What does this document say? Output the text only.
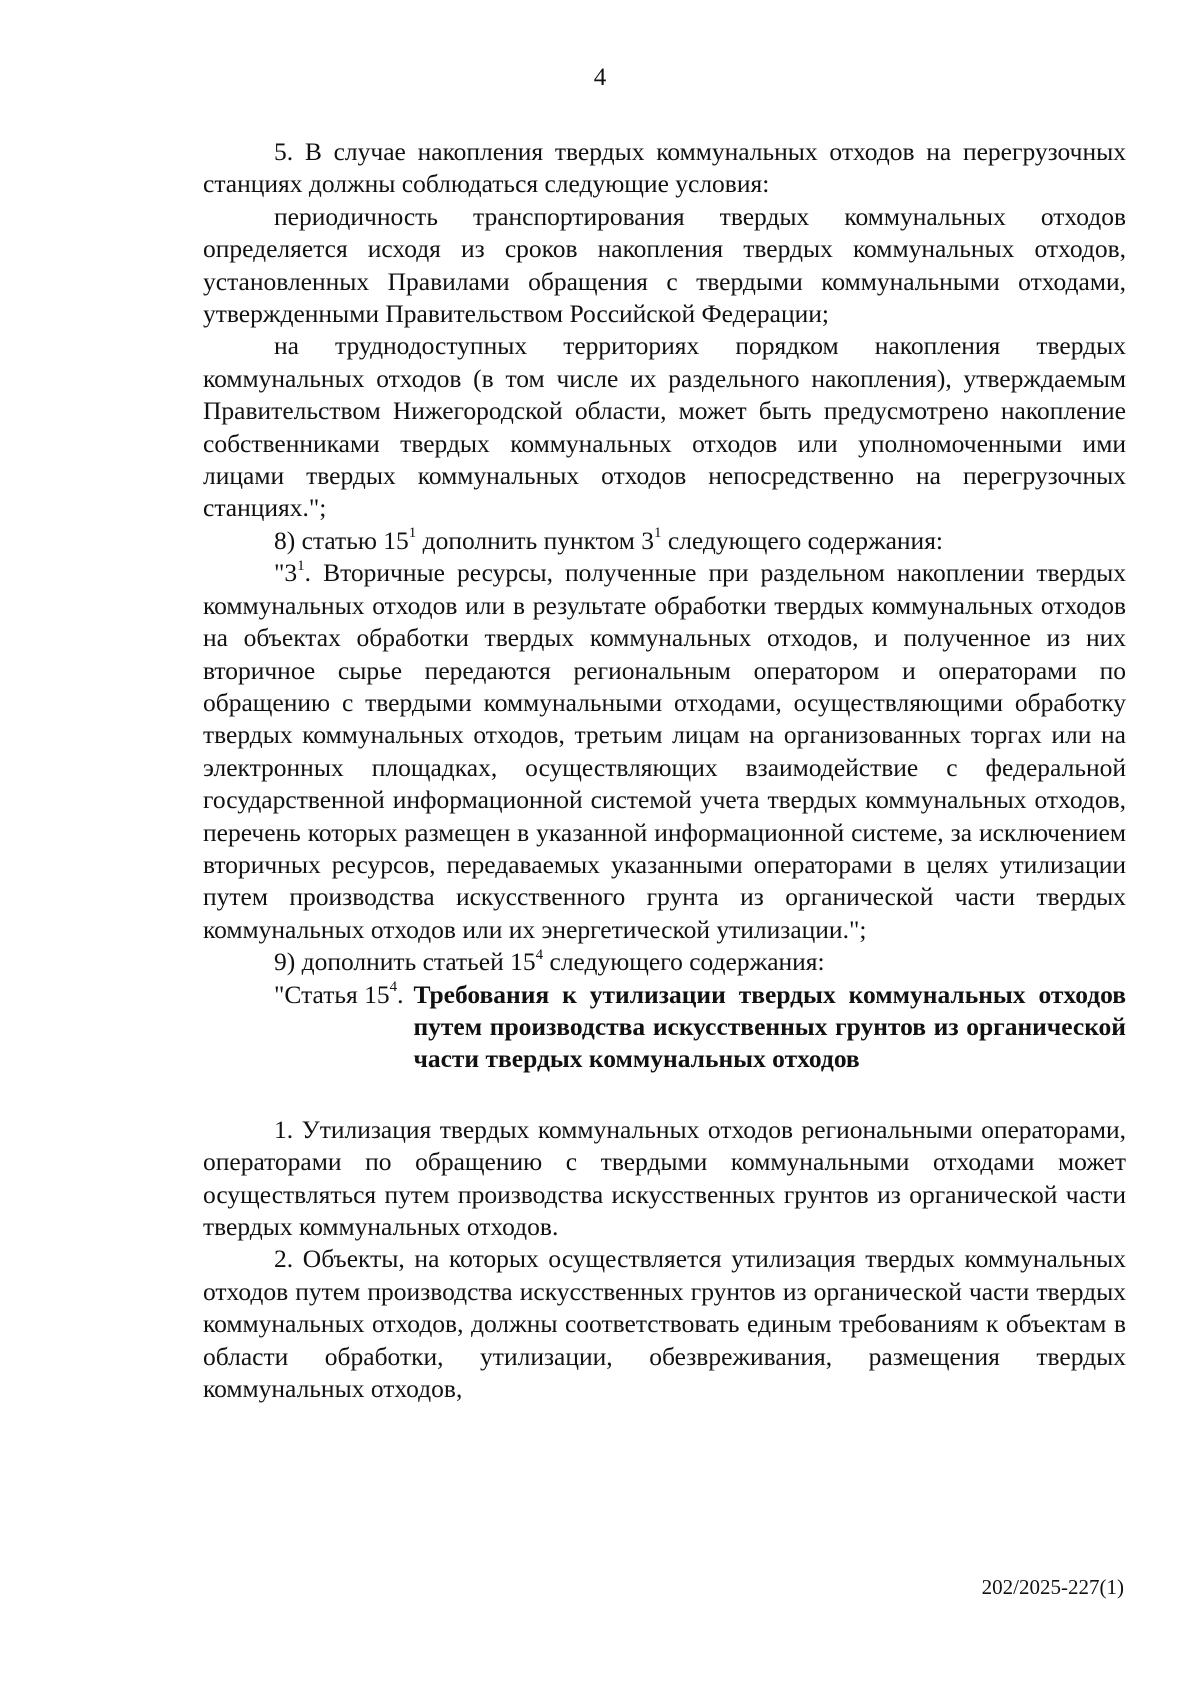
4

5. В случае накопления твердых коммунальных отходов на перегрузочных станциях должны соблюдаться следующие условия:

периодичность транспортирования твердых коммунальных отходов определяется исходя из сроков накопления твердых коммунальных отходов, установленных Правилами обращения с твердыми коммунальными отходами, утвержденными Правительством Российской Федерации;

на труднодоступных территориях порядком накопления твердых коммунальных отходов (в том числе их раздельного накопления), утверждаемым Правительством Нижегородской области, может быть предусмотрено накопление собственниками твердых коммунальных отходов или уполномоченными ими лицами твердых коммунальных отходов непосредственно на перегрузочных станциях.";

8) статью $15^1$ дополнить пунктом $3^1$ следующего содержания:

"$3^1$. Вторичные ресурсы, полученные при раздельном накоплении твердых коммунальных отходов или в результате обработки твердых коммунальных отходов на объектах обработки твердых коммунальных отходов, и полученное из них вторичное сырье передаются региональным оператором и операторами по обращению с твердыми коммунальными отходами, осуществляющими обработку твердых коммунальных отходов, третьим лицам на организованных торгах или на электронных площадках, осуществляющих взаимодействие с федеральной государственной информационной системой учета твердых коммунальных отходов, перечень которых размещен в указанной информационной системе, за исключением вторичных ресурсов, передаваемых указанными операторами в целях утилизации путем производства искусственного грунта из органической части твердых коммунальных отходов или их энергетической утилизации.";

9) дополнить статьей $15^4$ следующего содержания:

"Статья $15^4$. Требования к утилизации твердых коммунальных отходов путем производства искусственных грунтов из органической части твердых коммунальных отходов

1. Утилизация твердых коммунальных отходов региональными операторами, операторами по обращению с твердыми коммунальными отходами может осуществляться путем производства искусственных грунтов из органической части твердых коммунальных отходов.

2. Объекты, на которых осуществляется утилизация твердых коммунальных отходов путем производства искусственных грунтов из органической части твердых коммунальных отходов, должны соответствовать единым требованиям к объектам в области обработки, утилизации, обезвреживания, размещения твердых коммунальных отходов,

202/2025-227(1)
